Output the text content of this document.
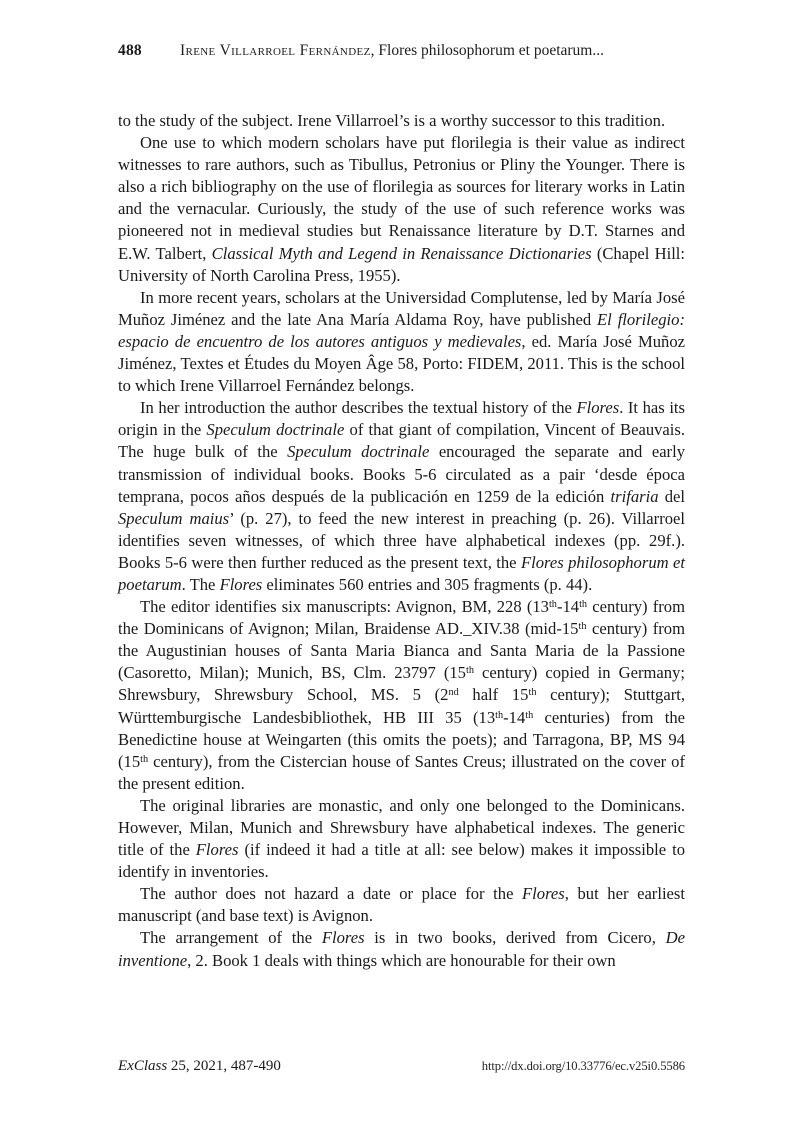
488	Irene Villarroel Fernández, Flores philosophorum et poetarum...

to the study of the subject. Irene Villarroel’s is a worthy successor to this tradition.

One use to which modern scholars have put florilegia is their value as indirect witnesses to rare authors, such as Tibullus, Petronius or Pliny the Younger. There is also a rich bibliography on the use of florilegia as sources for literary works in Latin and the vernacular. Curiously, the study of the use of such reference works was pioneered not in medieval studies but Renaissance literature by D.T. Starnes and E.W. Talbert, Classical Myth and Legend in Renaissance Dictionaries (Chapel Hill: University of North Carolina Press, 1955).

In more recent years, scholars at the Universidad Complutense, led by María José Muñoz Jiménez and the late Ana María Aldama Roy, have published El florilegio: espacio de encuentro de los autores antiguos y medievales, ed. María José Muñoz Jiménez, Textes et Études du Moyen Âge 58, Porto: FIDEM, 2011. This is the school to which Irene Villarroel Fernández belongs.

In her introduction the author describes the textual history of the Flores. It has its origin in the Speculum doctrinale of that giant of compilation, Vincent of Beauvais. The huge bulk of the Speculum doctrinale encouraged the separate and early transmission of individual books. Books 5-6 circulated as a pair ‘desde época temprana, pocos años después de la publicación en 1259 de la edición trifaria del Speculum maius’ (p. 27), to feed the new interest in preaching (p. 26). Villarroel identifies seven witnesses, of which three have alphabetical indexes (pp. 29f.). Books 5-6 were then further reduced as the present text, the Flores philosophorum et poetarum. The Flores eliminates 560 entries and 305 fragments (p. 44).

The editor identifies six manuscripts: Avignon, BM, 228 (13th-14th century) from the Dominicans of Avignon; Milan, Braidense AD._XIV.38 (mid-15th century) from the Augustinian houses of Santa Maria Bianca and Santa Maria de la Passione (Casoretto, Milan); Munich, BS, Clm. 23797 (15th century) copied in Germany; Shrewsbury, Shrewsbury School, MS. 5 (2nd half 15th century); Stuttgart, Württemburgische Landesbibliothek, HB III 35 (13th-14th centuries) from the Benedictine house at Weingarten (this omits the poets); and Tarragona, BP, MS 94 (15th century), from the Cistercian house of Santes Creus; illustrated on the cover of the present edition.

The original libraries are monastic, and only one belonged to the Dominicans. However, Milan, Munich and Shrewsbury have alphabetical indexes. The generic title of the Flores (if indeed it had a title at all: see below) makes it impossible to identify in inventories.

The author does not hazard a date or place for the Flores, but her earliest manuscript (and base text) is Avignon.

The arrangement of the Flores is in two books, derived from Cicero, De inventione, 2. Book 1 deals with things which are honourable for their own

ExClass 25, 2021, 487-490	http://dx.doi.org/10.33776/ec.v25i0.5586
